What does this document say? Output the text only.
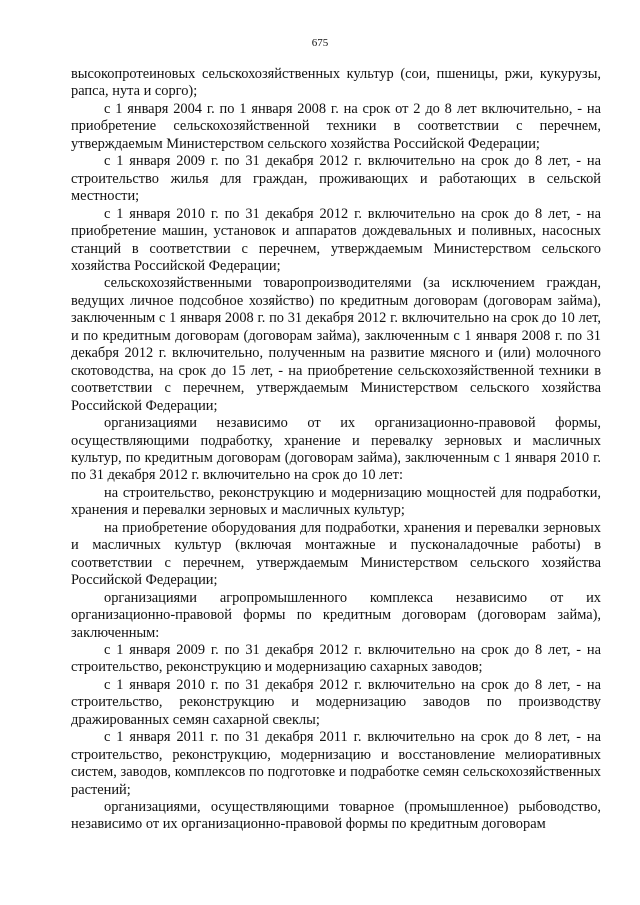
675

высокопротеиновых сельскохозяйственных культур (сои, пшеницы, ржи, кукурузы, рапса, нута и сорго);

с 1 января 2004 г. по 1 января 2008 г. на срок от 2 до 8 лет включительно, - на приобретение сельскохозяйственной техники в соответствии с перечнем, утверждаемым Министерством сельского хозяйства Российской Федерации;

с 1 января 2009 г. по 31 декабря 2012 г. включительно на срок до 8 лет, - на строительство жилья для граждан, проживающих и работающих в сельской местности;

с 1 января 2010 г. по 31 декабря 2012 г. включительно на срок до 8 лет, - на приобретение машин, установок и аппаратов дождевальных и поливных, насосных станций в соответствии с перечнем, утверждаемым Министерством сельского хозяйства Российской Федерации;

сельскохозяйственными товаропроизводителями (за исключением граждан, ведущих личное подсобное хозяйство) по кредитным договорам (договорам займа), заключенным с 1 января 2008 г. по 31 декабря 2012 г. включительно на срок до 10 лет, и по кредитным договорам (договорам займа), заключенным с 1 января 2008 г. по 31 декабря 2012 г. включительно, полученным на развитие мясного и (или) молочного скотоводства, на срок до 15 лет, - на приобретение сельскохозяйственной техники в соответствии с перечнем, утверждаемым Министерством сельского хозяйства Российской Федерации;

организациями независимо от их организационно-правовой формы, осуществляющими подработку, хранение и перевалку зерновых и масличных культур, по кредитным договорам (договорам займа), заключенным с 1 января 2010 г. по 31 декабря 2012 г. включительно на срок до 10 лет:

на строительство, реконструкцию и модернизацию мощностей для подработки, хранения и перевалки зерновых и масличных культур;

на приобретение оборудования для подработки, хранения и перевалки зерновых и масличных культур (включая монтажные и пусконаладочные работы) в соответствии с перечнем, утверждаемым Министерством сельского хозяйства Российской Федерации;

организациями агропромышленного комплекса независимо от их организационно-правовой формы по кредитным договорам (договорам займа), заключенным:

с 1 января 2009 г. по 31 декабря 2012 г. включительно на срок до 8 лет, - на строительство, реконструкцию и модернизацию сахарных заводов;

с 1 января 2010 г. по 31 декабря 2012 г. включительно на срок до 8 лет, - на строительство, реконструкцию и модернизацию заводов по производству дражированных семян сахарной свеклы;

с 1 января 2011 г. по 31 декабря 2011 г. включительно на срок до 8 лет, - на строительство, реконструкцию, модернизацию и восстановление мелиоративных систем, заводов, комплексов по подготовке и подработке семян сельскохозяйственных растений;

организациями, осуществляющими товарное (промышленное) рыбоводство, независимо от их организационно-правовой формы по кредитным договорам
